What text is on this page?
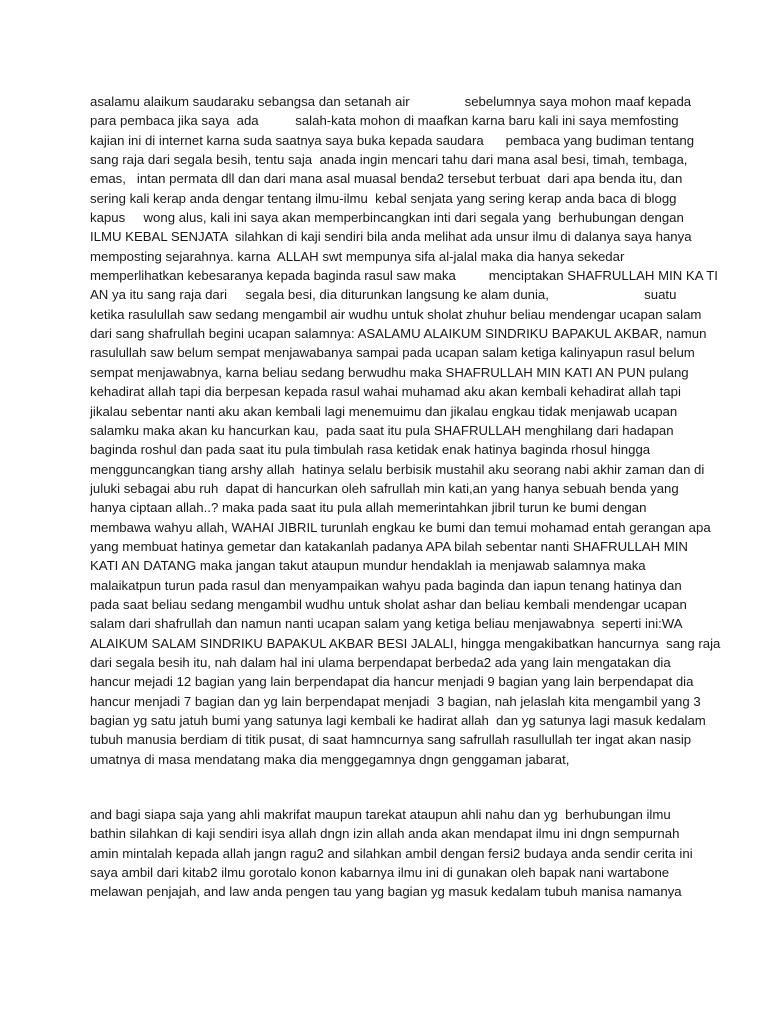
asalamu alaikum saudaraku sebangsa dan setanah air               sebelumnya saya mohon maaf kepada
para pembaca jika saya  ada          salah-kata mohon di maafkan karna baru kali ini saya memfosting
kajian ini di internet karna suda saatnya saya buka kepada saudara      pembaca yang budiman tentang
sang raja dari segala besih, tentu saja  anada ingin mencari tahu dari mana asal besi, timah, tembaga,
emas,   intan permata dll dan dari mana asal muasal benda2 tersebut terbuat  dari apa benda itu, dan
sering kali kerap anda dengar tentang ilmu-ilmu  kebal senjata yang sering kerap anda baca di blogg
kapus     wong alus, kali ini saya akan memperbincangkan inti dari segala yang  berhubungan dengan
ILMU KEBAL SENJATA  silahkan di kaji sendiri bila anda melihat ada unsur ilmu di dalanya saya hanya
memposting sejarahnya. karna  ALLAH swt mempunya sifa al-jalal maka dia hanya sekedar
memperlihatkan kebesaranya kepada baginda rasul saw maka         menciptakan SHAFRULLAH MIN KA TI
AN ya itu sang raja dari     segala besi, dia diturunkan langsung ke alam dunia,                          suatu
ketika rasulullah saw sedang mengambil air wudhu untuk sholat zhuhur beliau mendengar ucapan salam
dari sang shafrullah begini ucapan salamnya: ASALAMU ALAIKUM SINDRIKU BAPAKUL AKBAR, namun
rasulullah saw belum sempat menjawabanya sampai pada ucapan salam ketiga kalinyapun rasul belum
sempat menjawabnya, karna beliau sedang berwudhu maka SHAFRULLAH MIN KATI AN PUN pulang
kehadirat allah tapi dia berpesan kepada rasul wahai muhamad aku akan kembali kehadirat allah tapi
jikalau sebentar nanti aku akan kembali lagi menemuimu dan jikalau engkau tidak menjawab ucapan
salamku maka akan ku hancurkan kau,  pada saat itu pula SHAFRULLAH menghilang dari hadapan
baginda roshul dan pada saat itu pula timbulah rasa ketidak enak hatinya baginda rhosul hingga
mengguncangkan tiang arshy allah  hatinya selalu berbisik mustahil aku seorang nabi akhir zaman dan di
juluki sebagai abu ruh  dapat di hancurkan oleh safrullah min kati,an yang hanya sebuah benda yang
hanya ciptaan allah..? maka pada saat itu pula allah memerintahkan jibril turun ke bumi dengan
membawa wahyu allah, WAHAI JIBRIL turunlah engkau ke bumi dan temui mohamad entah gerangan apa
yang membuat hatinya gemetar dan katakanlah padanya APA bilah sebentar nanti SHAFRULLAH MIN
KATI AN DATANG maka jangan takut ataupun mundur hendaklah ia menjawab salamnya maka
malaikatpun turun pada rasul dan menyampaikan wahyu pada baginda dan iapun tenang hatinya dan
pada saat beliau sedang mengambil wudhu untuk sholat ashar dan beliau kembali mendengar ucapan
salam dari shafrullah dan namun nanti ucapan salam yang ketiga beliau menjawabnya  seperti ini:WA
ALAIKUM SALAM SINDRIKU BAPAKUL AKBAR BESI JALALI, hingga mengakibatkan hancurnya  sang raja
dari segala besih itu, nah dalam hal ini ulama berpendapat berbeda2 ada yang lain mengatakan dia
hancur mejadi 12 bagian yang lain berpendapat dia hancur menjadi 9 bagian yang lain berpendapat dia
hancur menjadi 7 bagian dan yg lain berpendapat menjadi  3 bagian, nah jelaslah kita mengambil yang 3
bagian yg satu jatuh bumi yang satunya lagi kembali ke hadirat allah  dan yg satunya lagi masuk kedalam
tubuh manusia berdiam di titik pusat, di saat hamncurnya sang safrullah rasullullah ter ingat akan nasip
umatnya di masa mendatang maka dia menggegamnya dngn genggaman jabarat,
and bagi siapa saja yang ahli makrifat maupun tarekat ataupun ahli nahu dan yg  berhubungan ilmu
bathin silahkan di kaji sendiri isya allah dngn izin allah anda akan mendapat ilmu ini dngn sempurnah
amin mintalah kepada allah jangn ragu2 and silahkan ambil dengan fersi2 budaya anda sendir cerita ini
saya ambil dari kitab2 ilmu gorotalo konon kabarnya ilmu ini di gunakan oleh bapak nani wartabone
melawan penjajah, and law anda pengen tau yang bagian yg masuk kedalam tubuh manisa namanya
